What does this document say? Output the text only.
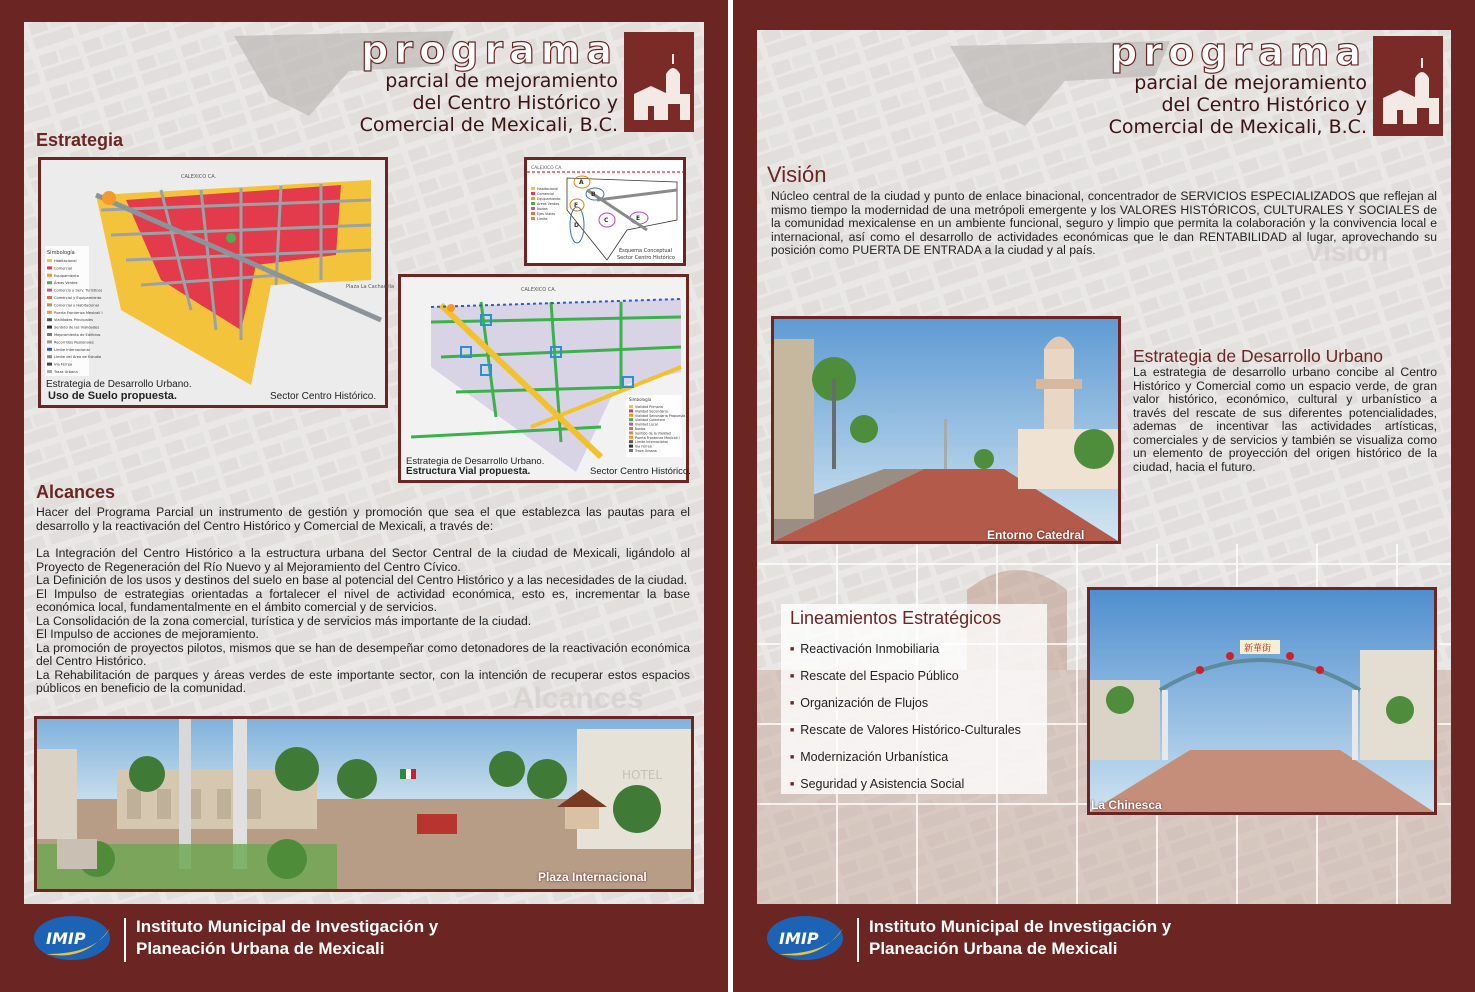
programa
parcial de mejoramiento
del Centro Histórico y
Comercial de Mexicali, B.C.
Estrategia
Simbología
Habitacional
Comercial
Equipamiento
Áreas Verdes
Comercio y Serv. Turísticos
Comercial y Equipamiento
Comercial y Habitacional
Puerta Fronteriza Mexicali I
Vialidades Principales
Sentido de las Vialidades
Mejoramiento de Edificios
Recorridos Peatonales
Límite Internacional
Límite del Área de Estudio
Vía Férrea
Traza Urbana
CALEXICO CA.
Plaza La Cachanilla
Estrategia de Desarrollo Urbano.
Uso de Suelo propuesta.	Sector Centro Histórico.
CALEXICO CA.
A
B
C
D
E
F
Habitacional
Comercial
Equipamiento
Áreas Verdes
Nodos
Ejes Viales
Límite
Esquema Conceptual
Sector Centro Histórico
Simbología
Vialidad Primaria
Vialidad Secundaria
Vialidad Secundaria Propuesta
Vialidad Colectora
Vialidad Local
Nodos
Sentido de la Vialidad
Puerta Fronteriza Mexicali I
Límite Internacional
Vía Férrea
Traza Urbana
CALEXICO CA.
Estrategia de Desarrollo Urbano.
Estructura Vial propuesta.	Sector Centro Histórico.
Alcances
Alcances

Hacer del Programa Parcial un instrumento de gestión y promoción que sea el que establezca las pautas para el desarrollo y la reactivación del Centro Histórico y Comercial de Mexicali, a través de:

La Integración del Centro Histórico a la estructura urbana del Sector Central de la ciudad de Mexicali, ligándolo al Proyecto de Regeneración del Río Nuevo y al Mejoramiento del Centro Cívico.

La Definición de los usos y destinos del suelo en base al potencial del Centro Histórico y a las necesidades de la ciudad.

El Impulso de estrategias orientadas a fortalecer el nivel de actividad económica, esto es, incrementar la base económica local, fundamentalmente en el ámbito comercial y de servicios.

La Consolidación de la zona comercial, turística y de servicios más importante de la ciudad.

El Impulso de acciones de mejoramiento.

La promoción de proyectos pilotos, mismos que se han de desempeñar como detonadores de la reactivación económica del Centro Histórico.

La Rehabilitación de parques y áreas verdes de este importante sector, con la intención de recuperar estos espacios públicos en beneficio de la comunidad.

HOTEL
Plaza Internacional
IMIP
Instituto Municipal de Investigación y
Planeación Urbana de Mexicali
programa
parcial de mejoramiento
del Centro Histórico y
Comercial de Mexicali, B.C.
Visión
Visión
Núcleo central de la ciudad y punto de enlace binacional, concentrador de SERVICIOS ESPECIALIZADOS que reflejan al mismo tiempo la modernidad de una metrópoli emergente y los VALORES HISTÓRICOS, CULTURALES Y SOCIALES de la comunidad mexicalense en un ambiente funcional, seguro y limpio que permita la colaboración y la convivencia local e internacional, así como el desarrollo de actividades económicas que le dan RENTABILIDAD al lugar, aprovechando su posición como PUERTA DE ENTRADA a la ciudad y al país.
Entorno Catedral
Estrategia de Desarrollo Urbano
La estrategia de desarrollo urbano concibe al Centro Histórico y Comercial como un espacio verde, de gran valor histórico, económico, cultural y urbanístico a través del rescate de sus diferentes potencialidades, ademas de incentivar las actividades artísticas, comerciales y de servicios y también se visualiza como un elemento de proyección del origen histórico de la ciudad, hacia el futuro.
Lineamientos Estratégicos
■ Reactivación Inmobiliaria
■ Rescate del Espacio Público
■ Organización de Flujos
■ Rescate de Valores Histórico-Culturales
■ Modernización Urbanística
■ Seguridad y Asistencia Social
新華街
La Chinesca
IMIP
Instituto Municipal de Investigación y
Planeación Urbana de Mexicali
